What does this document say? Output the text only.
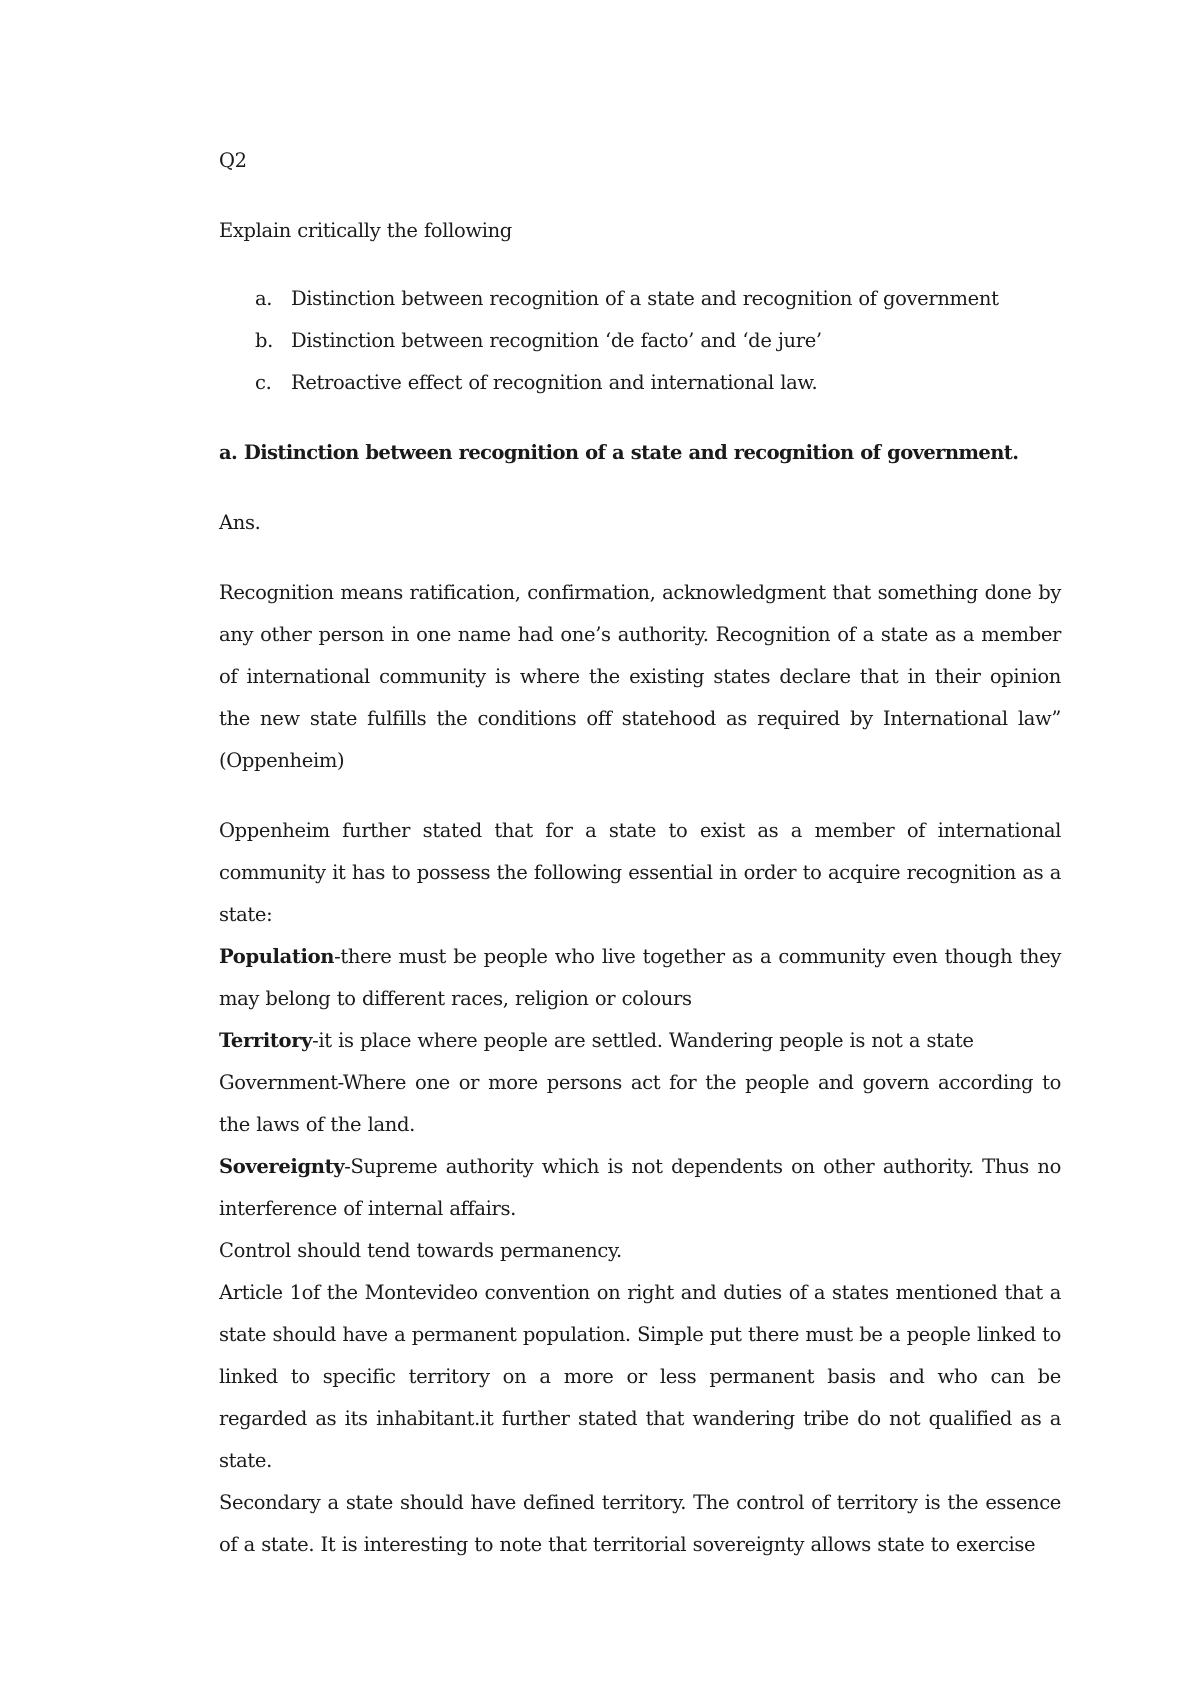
Q2

Explain critically the following

a. Distinction between recognition of a state and recognition of government
b. Distinction between recognition ‘de facto’ and ‘de jure’
c.	Retroactive effect of recognition and international law.

a. Distinction between recognition of a state and recognition of government.

Ans.

Recognition means ratification, confirmation, acknowledgment that something done by any other person in one name had one’s authority. Recognition of a state as a member of international community is where the existing states declare that in their opinion the new state fulfills the conditions off statehood as required by International law” (Oppenheim)

Oppenheim further stated that for a state to exist as a member of international community it has to possess the following essential in order to acquire recognition as a state:

Population-there must be people who live together as a community even though they may belong to different races, religion or colours

Territory-it is place where people are settled. Wandering people is not a state

Government-Where one or more persons act for the people and govern according to the laws of the land.

Sovereignty-Supreme authority which is not dependents on other authority. Thus no interference of internal affairs.

Control should tend towards permanency.

Article 1of the Montevideo convention on right and duties of a states mentioned that a state should have a permanent population. Simple put there must be a people linked to linked to specific territory on a more or less permanent basis and who can be regarded as its inhabitant.it further stated that wandering tribe do not qualified as a state.

Secondary a state should have defined territory. The control of territory is the essence of a state. It is interesting to note that territorial sovereignty allows state to exercise
